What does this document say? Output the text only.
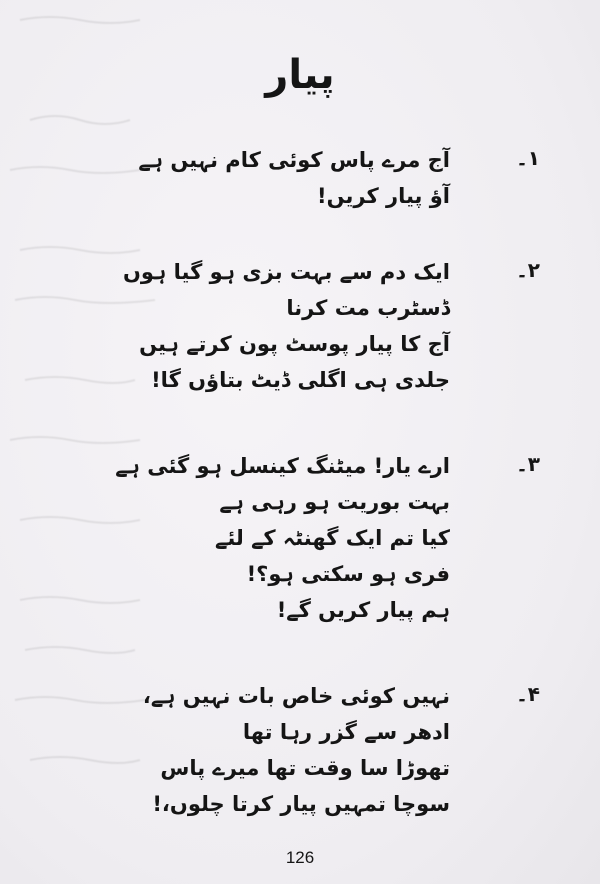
پیار
۱۔
آج مرے پاس کوئی کام نہیں ہے
آؤ پیار کریں!
۲۔
ایک دم سے بہت بزی ہو گیا ہوں
ڈسٹرب مت کرنا
آج کا پیار پوسٹ پون کرتے ہیں
جلدی ہی اگلی ڈیٹ بتاؤں گا!
۳۔
ارے یار! میٹنگ کینسل ہو گئی ہے
بہت بوریت ہو رہی ہے
کیا تم ایک گھنٹہ کے لئے
فری ہو سکتی ہو؟!
ہم پیار کریں گے!
۴۔
نہیں کوئی خاص بات نہیں ہے،
ادھر سے گزر رہا تھا
تھوڑا سا وقت تھا میرے پاس
سوچا تمہیں پیار کرتا چلوں،!
126
